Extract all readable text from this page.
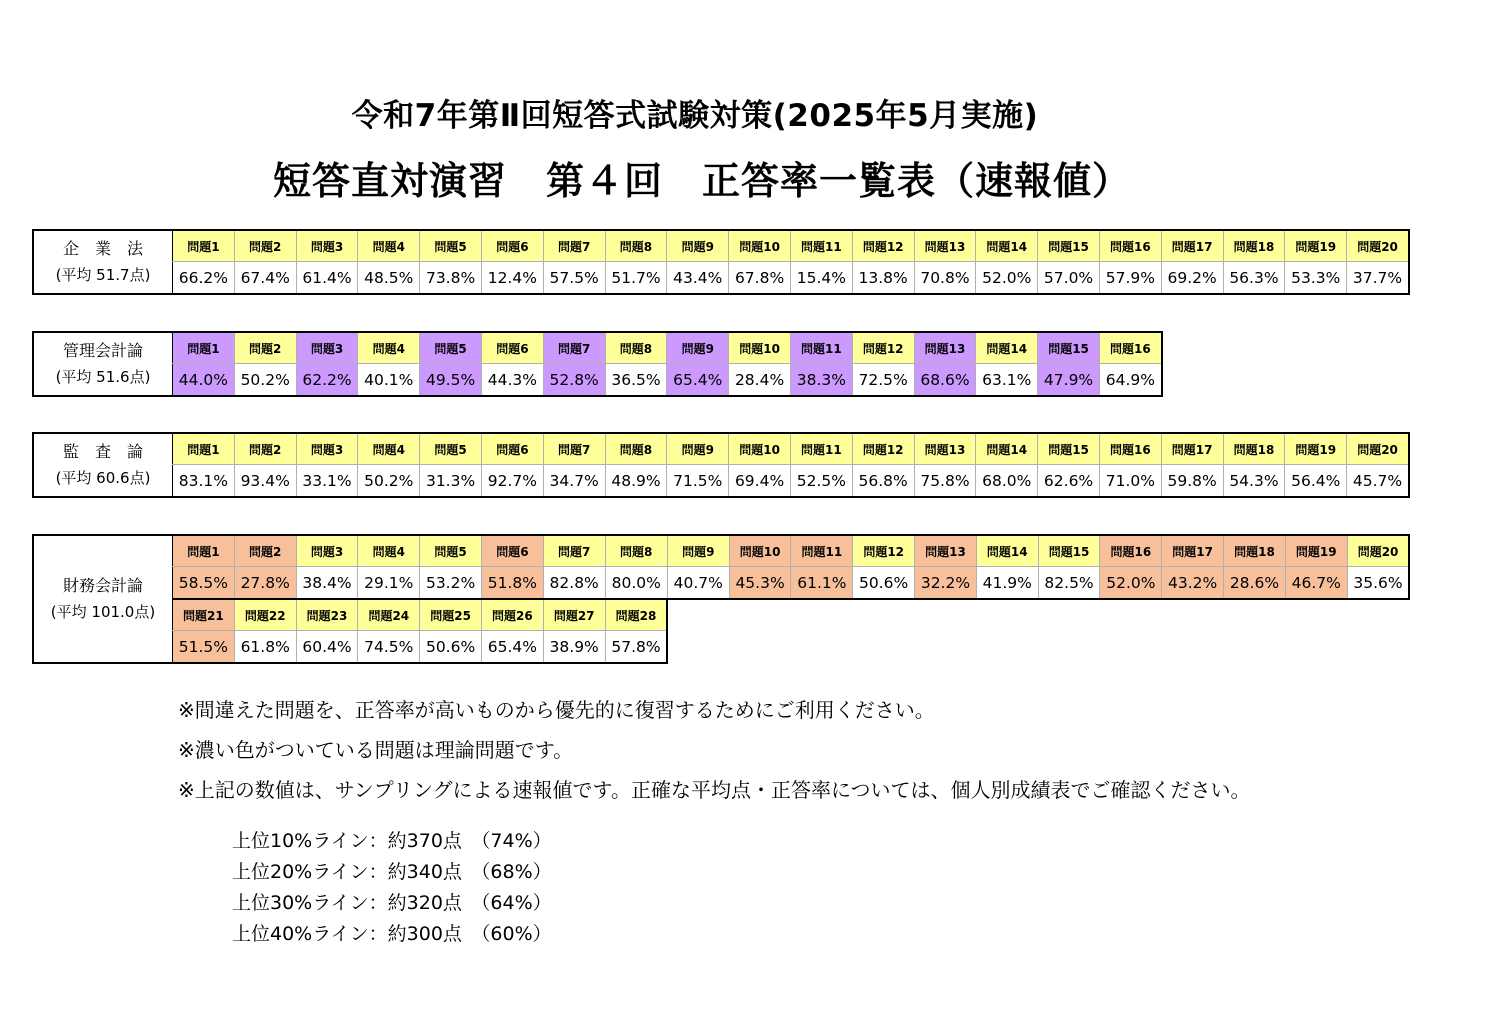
令和7年第Ⅱ回短答式試験対策(2025年5月実施)
短答直対演習　第４回　正答率一覧表（速報値）
企　業　法
(平均 51.7点)
問題1	問題2	問題3	問題4	問題5	問題6	問題7	問題8	問題9	問題10	問題11	問題12	問題13	問題14	問題15	問題16	問題17	問題18	問題19	問題20
66.2%	67.4%	61.4%	48.5%	73.8%	12.4%	57.5%	51.7%	43.4%	67.8%	15.4%	13.8%	70.8%	52.0%	57.0%	57.9%	69.2%	56.3%	53.3%	37.7%
管理会計論
(平均 51.6点)
問題1	問題2	問題3	問題4	問題5	問題6	問題7	問題8	問題9	問題10	問題11	問題12	問題13	問題14	問題15	問題16
44.0%	50.2%	62.2%	40.1%	49.5%	44.3%	52.8%	36.5%	65.4%	28.4%	38.3%	72.5%	68.6%	63.1%	47.9%	64.9%
監　査　論
(平均 60.6点)
問題1	問題2	問題3	問題4	問題5	問題6	問題7	問題8	問題9	問題10	問題11	問題12	問題13	問題14	問題15	問題16	問題17	問題18	問題19	問題20
83.1%	93.4%	33.1%	50.2%	31.3%	92.7%	34.7%	48.9%	71.5%	69.4%	52.5%	56.8%	75.8%	68.0%	62.6%	71.0%	59.8%	54.3%	56.4%	45.7%
財務会計論
(平均 101.0点)
問題1	問題2	問題3	問題4	問題5	問題6	問題7	問題8	問題9	問題10	問題11	問題12	問題13	問題14	問題15	問題16	問題17	問題18	問題19	問題20
58.5%	27.8%	38.4%	29.1%	53.2%	51.8%	82.8%	80.0%	40.7%	45.3%	61.1%	50.6%	32.2%	41.9%	82.5%	52.0%	43.2%	28.6%	46.7%	35.6%
問題21	問題22	問題23	問題24	問題25	問題26	問題27	問題28												
51.5%	61.8%	60.4%	74.5%	50.6%	65.4%	38.9%	57.8%												
※間違えた問題を、正答率が高いものから優先的に復習するためにご利用ください。
※濃い色がついている問題は理論問題です。
※上記の数値は、サンプリングによる速報値です。正確な平均点・正答率については、個人別成績表でご確認ください。
上位10%ライン：約370点　（74%）
上位20%ライン：約340点　（68%）
上位30%ライン：約320点　（64%）
上位40%ライン：約300点　（60%）
